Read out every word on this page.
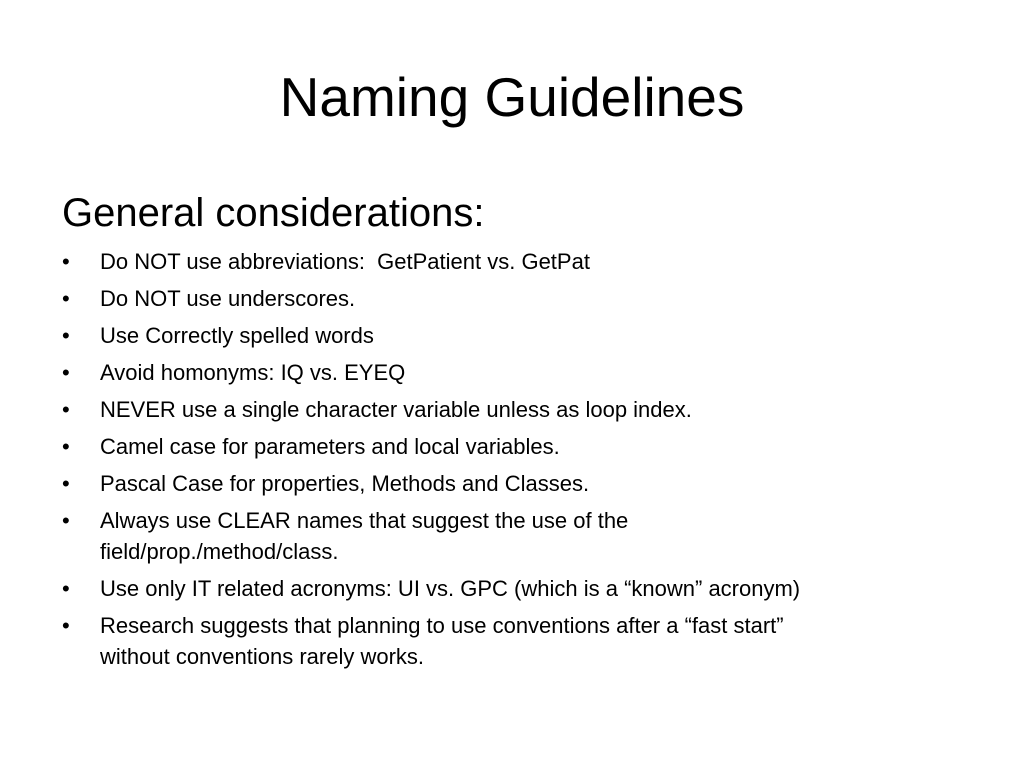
Naming Guidelines
General considerations:
•	Do NOT use abbreviations:  GetPatient vs. GetPat
•	Do NOT use underscores.
•	Use Correctly spelled words
•	Avoid homonyms: IQ vs. EYEQ
•	NEVER use a single character variable unless as loop index.
•	Camel case for parameters and local variables.
•	Pascal Case for properties, Methods and Classes.
•	Always use CLEAR names that suggest the use of the
field/prop./method/class.
•	Use only IT related acronyms: UI vs. GPC (which is a “known” acronym)
•	Research suggests that planning to use conventions after a “fast start”
without conventions rarely works.
